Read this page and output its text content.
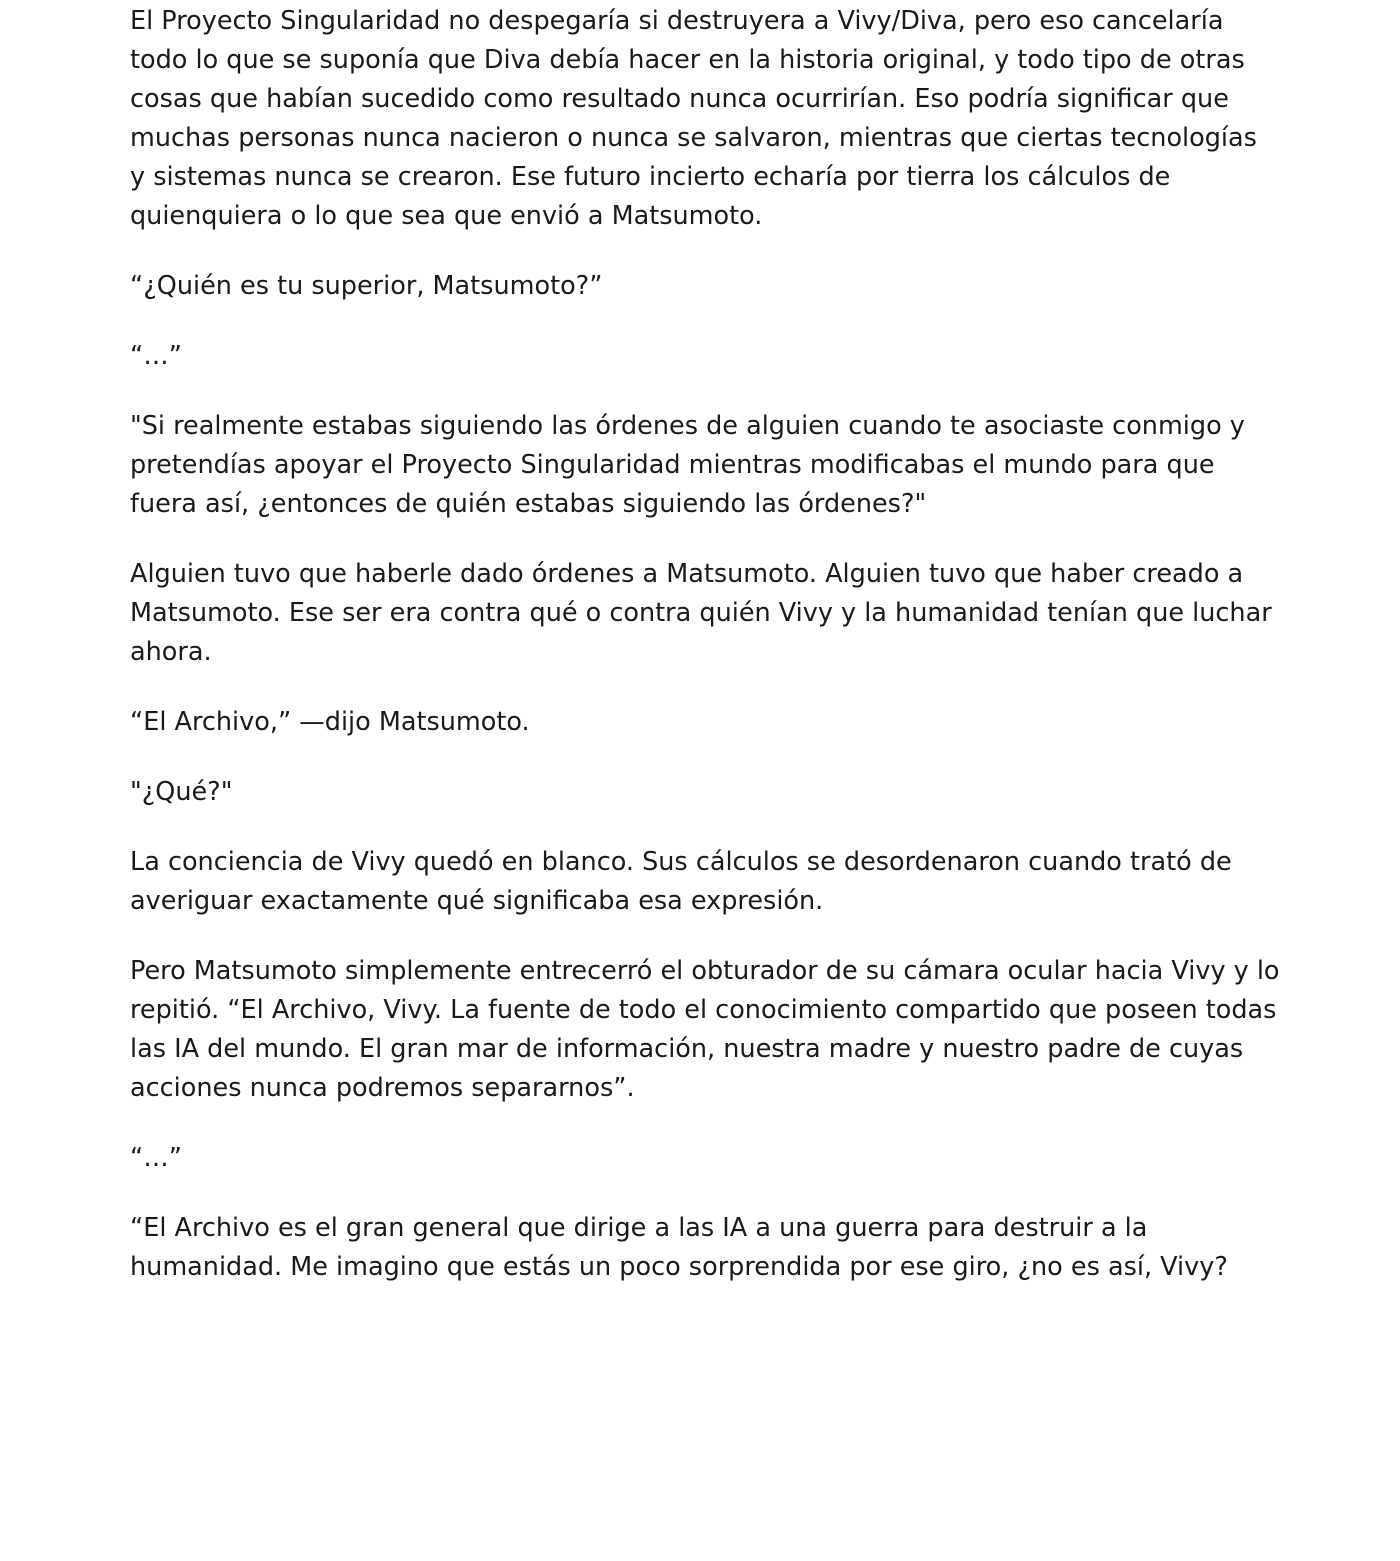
El Proyecto Singularidad no despegaría si destruyera a Vivy/Diva, pero eso cancelaría todo lo que se suponía que Diva debía hacer en la historia original, y todo tipo de otras cosas que habían sucedido como resultado nunca ocurrirían. Eso podría significar que muchas personas nunca nacieron o nunca se salvaron, mientras que ciertas tecnologías y sistemas nunca se crearon. Ese futuro incierto echaría por tierra los cálculos de quienquiera o lo que sea que envió a Matsumoto.

“¿Quién es tu superior, Matsumoto?”

“…”

"Si realmente estabas siguiendo las órdenes de alguien cuando te asociaste conmigo y pretendías apoyar el Proyecto Singularidad mientras modificabas el mundo para que fuera así, ¿entonces de quién estabas siguiendo las órdenes?"

Alguien tuvo que haberle dado órdenes a Matsumoto. Alguien tuvo que haber creado a Matsumoto. Ese ser era contra qué o contra quién Vivy y la humanidad tenían que luchar ahora.

“El Archivo,” —dijo Matsumoto.

"¿Qué?"

La conciencia de Vivy quedó en blanco. Sus cálculos se desordenaron cuando trató de averiguar exactamente qué significaba esa expresión.

Pero Matsumoto simplemente entrecerró el obturador de su cámara ocular hacia Vivy y lo repitió. “El Archivo, Vivy. La fuente de todo el conocimiento compartido que poseen todas las IA del mundo. El gran mar de información, nuestra madre y nuestro padre de cuyas acciones nunca podremos separarnos”.

“…”

“El Archivo es el gran general que dirige a las IA a una guerra para destruir a la humanidad. Me imagino que estás un poco sorprendida por ese giro, ¿no es así, Vivy?
